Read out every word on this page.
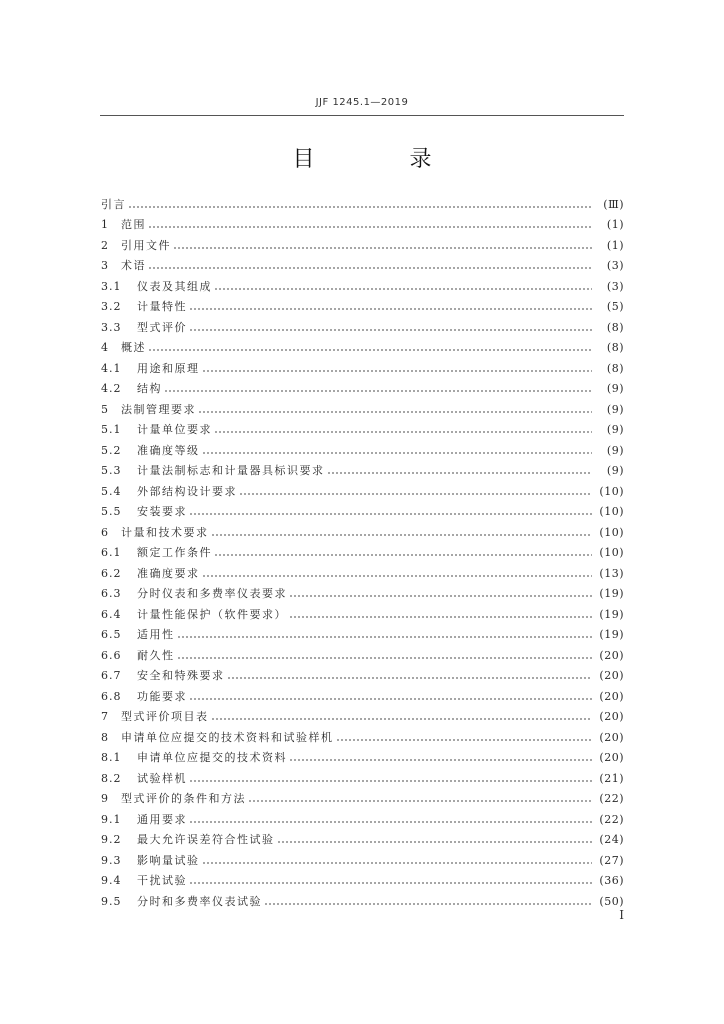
JJF 1245.1—2019
目 录
引言	(Ⅲ)
1	范围	(1)
2	引用文件	(1)
3	术语	(3)
3.1	仪表及其组成	(3)
3.2	计量特性	(5)
3.3	型式评价	(8)
4	概述	(8)
4.1	用途和原理	(8)
4.2	结构	(9)
5	法制管理要求	(9)
5.1	计量单位要求	(9)
5.2	准确度等级	(9)
5.3	计量法制标志和计量器具标识要求	(9)
5.4	外部结构设计要求	(10)
5.5	安装要求	(10)
6	计量和技术要求	(10)
6.1	额定工作条件	(10)
6.2	准确度要求	(13)
6.3	分时仪表和多费率仪表要求	(19)
6.4	计量性能保护（软件要求）	(19)
6.5	适用性	(19)
6.6	耐久性	(20)
6.7	安全和特殊要求	(20)
6.8	功能要求	(20)
7	型式评价项目表	(20)
8	申请单位应提交的技术资料和试验样机	(20)
8.1	申请单位应提交的技术资料	(20)
8.2	试验样机	(21)
9	型式评价的条件和方法	(22)
9.1	通用要求	(22)
9.2	最大允许误差符合性试验	(24)
9.3	影响量试验	(27)
9.4	干扰试验	(36)
9.5	分时和多费率仪表试验	(50)
I
